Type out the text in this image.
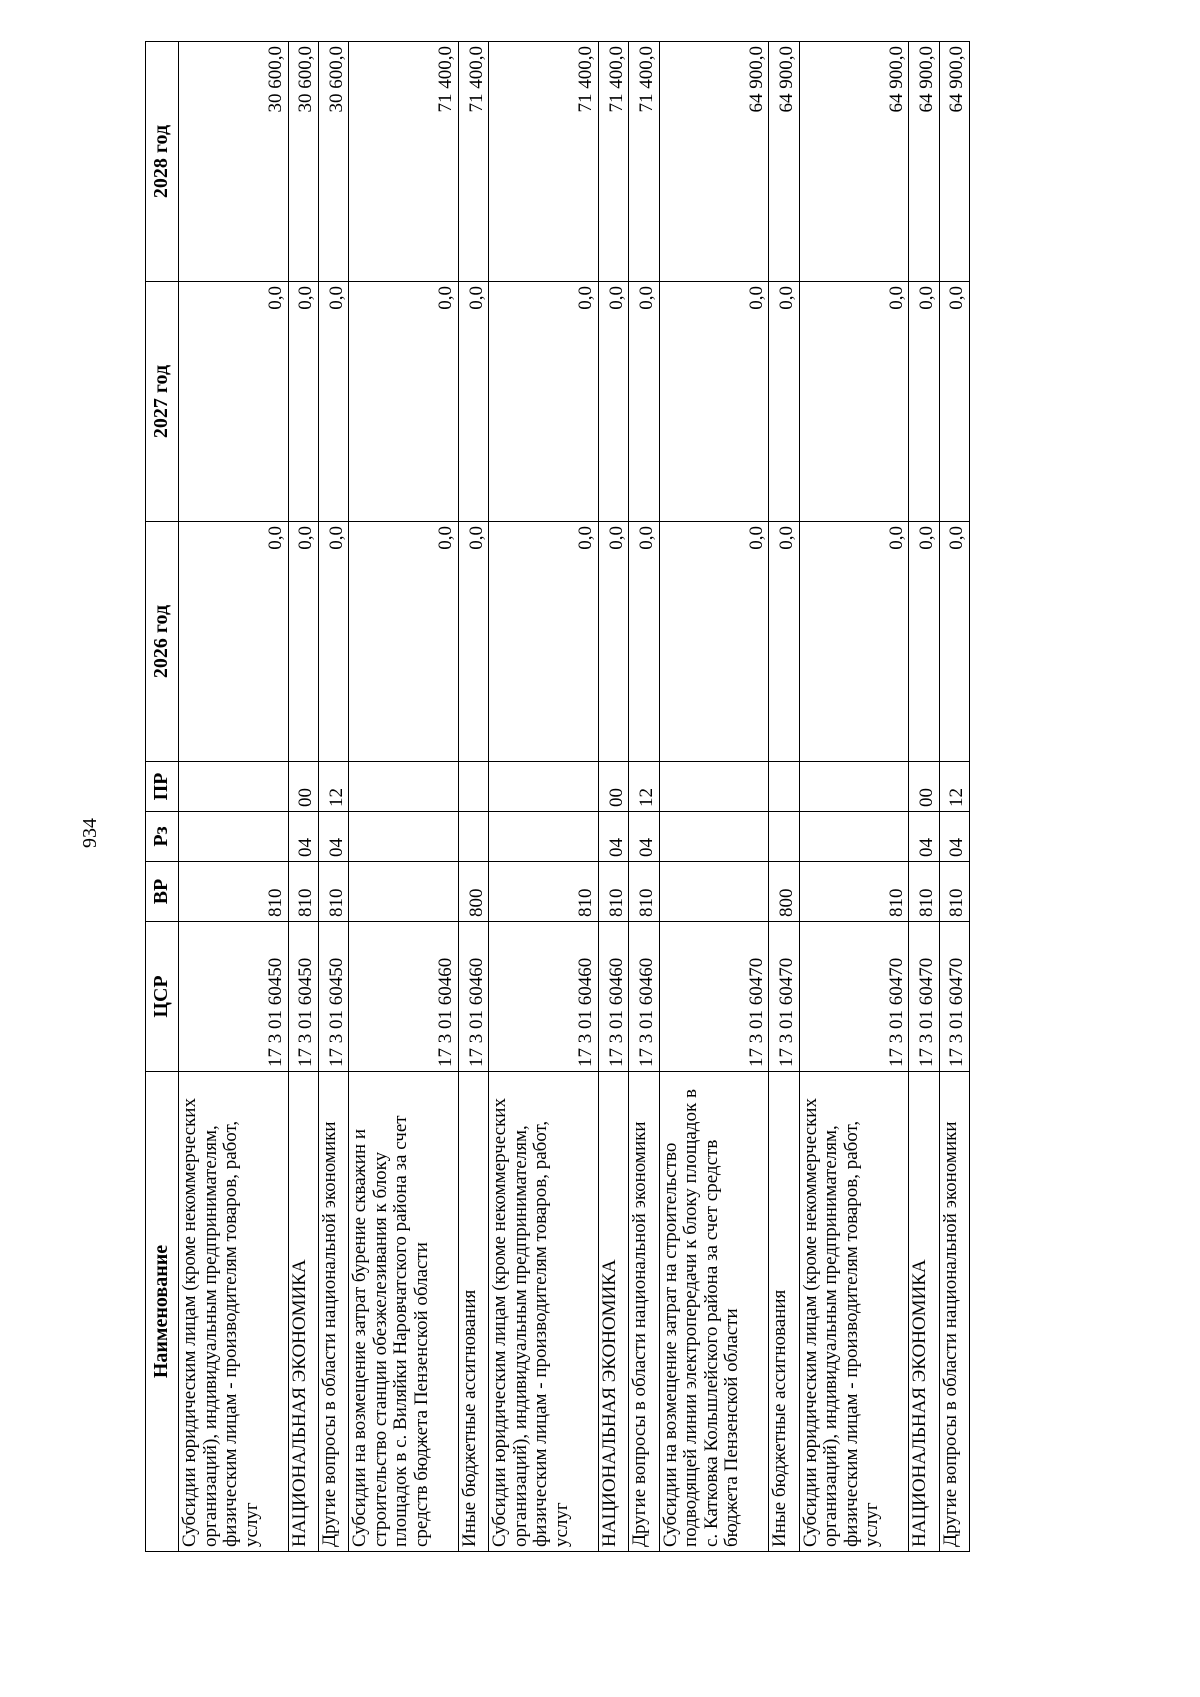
934
Наименование	ЦСР	ВР	Рз	ПР	2026 год	2027 год	2028 год
Субсидии юридическим лицам (кроме некоммерческих организаций), индивидуальным предпринимателям, физическим лицам - производителям товаров, работ, услуг	17 3 01 60450	810			0,0	0,0	30 600,0
НАЦИОНАЛЬНАЯ ЭКОНОМИКА	17 3 01 60450	810	04	00	0,0	0,0	30 600,0
Другие вопросы в области национальной экономики	17 3 01 60450	810	04	12	0,0	0,0	30 600,0
Субсидии на возмещение затрат бурение скважин и строительство станции обезжелезивания к блоку площадок в с. Виляйки Наровчатского района за счет средств бюджета Пензенской области	17 3 01 60460				0,0	0,0	71 400,0
Иные бюджетные ассигнования	17 3 01 60460	800			0,0	0,0	71 400,0
Субсидии юридическим лицам (кроме некоммерческих организаций), индивидуальным предпринимателям, физическим лицам - производителям товаров, работ, услуг	17 3 01 60460	810			0,0	0,0	71 400,0
НАЦИОНАЛЬНАЯ ЭКОНОМИКА	17 3 01 60460	810	04	00	0,0	0,0	71 400,0
Другие вопросы в области национальной экономики	17 3 01 60460	810	04	12	0,0	0,0	71 400,0
Субсидии на возмещение затрат на строительство подводящей линии электропередачи к блоку площадок в с. Катковка Кольшлейского района за счет средств бюджета Пензенской области	17 3 01 60470				0,0	0,0	64 900,0
Иные бюджетные ассигнования	17 3 01 60470	800			0,0	0,0	64 900,0
Субсидии юридическим лицам (кроме некоммерческих организаций), индивидуальным предпринимателям, физическим лицам - производителям товаров, работ, услуг	17 3 01 60470	810			0,0	0,0	64 900,0
НАЦИОНАЛЬНАЯ ЭКОНОМИКА	17 3 01 60470	810	04	00	0,0	0,0	64 900,0
Другие вопросы в области национальной экономики	17 3 01 60470	810	04	12	0,0	0,0	64 900,0
